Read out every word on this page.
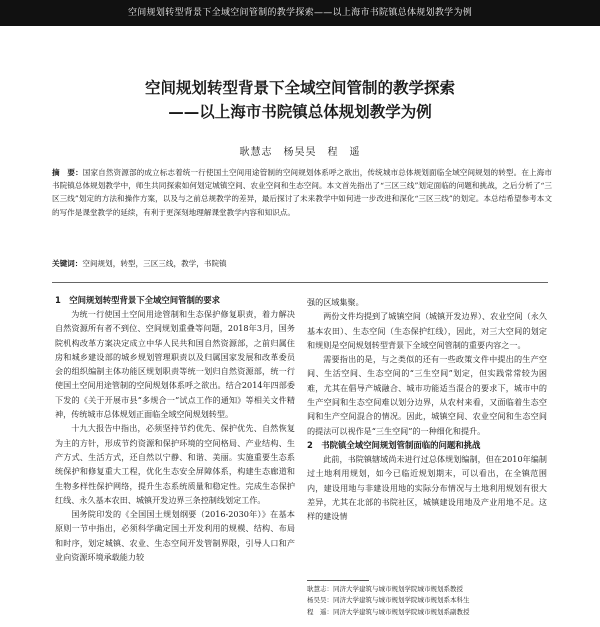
空间规划转型背景下全域空间管制的教学探索——以上海市书院镇总体规划教学为例
空间规划转型背景下全域空间管制的教学探索
——以上海市书院镇总体规划教学为例
耿慧志　杨昊昊　程　遥
摘　要：国家自然资源部的成立标志着统一行使国土空间用途管制的空间规划体系呼之欲出，传统城市总体规划面临全域空间规划的转型。在上海市书院镇总体规划教学中，师生共同探索如何划定城镇空间、农业空间和生态空间。本文首先指出了“三区三线”划定面临的问题和挑战，之后分析了“三区三线”划定的方法和操作方案，以及与之前总规教学的差异，最后探讨了未来教学中如何进一步改进和深化“三区三线”的划定。本总结希望参考本文的写作是课堂教学的延续，有利于更深刻地理解课堂教学内容和知识点。
关键词：空间规划，转型，三区三线，教学，书院镇

1　空间规划转型背景下全域空间管制的要求

为统一行使国土空间用途管制和生态保护修复职责，着力解决自然资源所有者不到位、空间规划重叠等问题，2018年3月，国务院机构改革方案决定成立中华人民共和国自然资源部，之前归属住房和城乡建设部的城乡规划管理职责以及归属国家发展和改革委员会的组织编制主体功能区规划职责等统一划归自然资源部，统一行使国土空间用途管制的空间规划体系呼之欲出。结合2014年四部委下发的《关于开展市县“多规合一”试点工作的通知》等相关文件精神，传统城市总体规划正面临全域空间规划转型。

十九大报告中指出，必须坚持节约优先、保护优先、自然恢复为主的方针，形成节约资源和保护环境的空间格局、产业结构、生产方式、生活方式，还自然以宁静、和谐、美丽。实施重要生态系统保护和修复重大工程，优化生态安全屏障体系，构建生态廊道和生物多样性保护网络，提升生态系统质量和稳定性。完成生态保护红线、永久基本农田、城镇开发边界三条控制线划定工作。

国务院印发的《全国国土规划纲要（2016-2030年）》在基本原则一节中指出，必须科学确定国土开发利用的规模、结构、布局和时序，划定城镇、农业、生态空间开发管制界限，引导人口和产业向资源环境承载能力较

强的区域集聚。

两份文件均提到了城镇空间（城镇开发边界）、农业空间（永久基本农田）、生态空间（生态保护红线），因此，对三大空间的划定和规则是空间规划转型背景下全域空间管制的重要内容之一。

需要指出的是，与之类似的还有一些政策文件中提出的生产空间、生活空间、生态空间的“三生空间”划定，但实践常常较为困难，尤其在倡导产城融合、城市功能适当混合的要求下，城市中的生产空间和生态空间难以划分边界，从农村来看，又面临着生态空间和生产空间混合的情况。因此，城镇空间、农业空间和生态空间的提法可以视作是“三生空间”的一种细化和提升。

2　书院镇全域空间规划管制面临的问题和挑战

此前，书院镇辖域尚未进行过总体规划编制，但在2010年编制过土地利用规划，如今已临近规划期末，可以看出，在全镇范围内，建设用地与非建设用地的实际分布情况与土地利用规划有很大差异，尤其在北部的书院社区，城镇建设用地及产业用地不足。这样的建设情

耿慧志：同济大学建筑与城市规划学院城市规划系教授
杨昊昊：同济大学建筑与城市规划学院城市规划系本科生
程　遥：同济大学建筑与城市规划学院城市规划系副教授
